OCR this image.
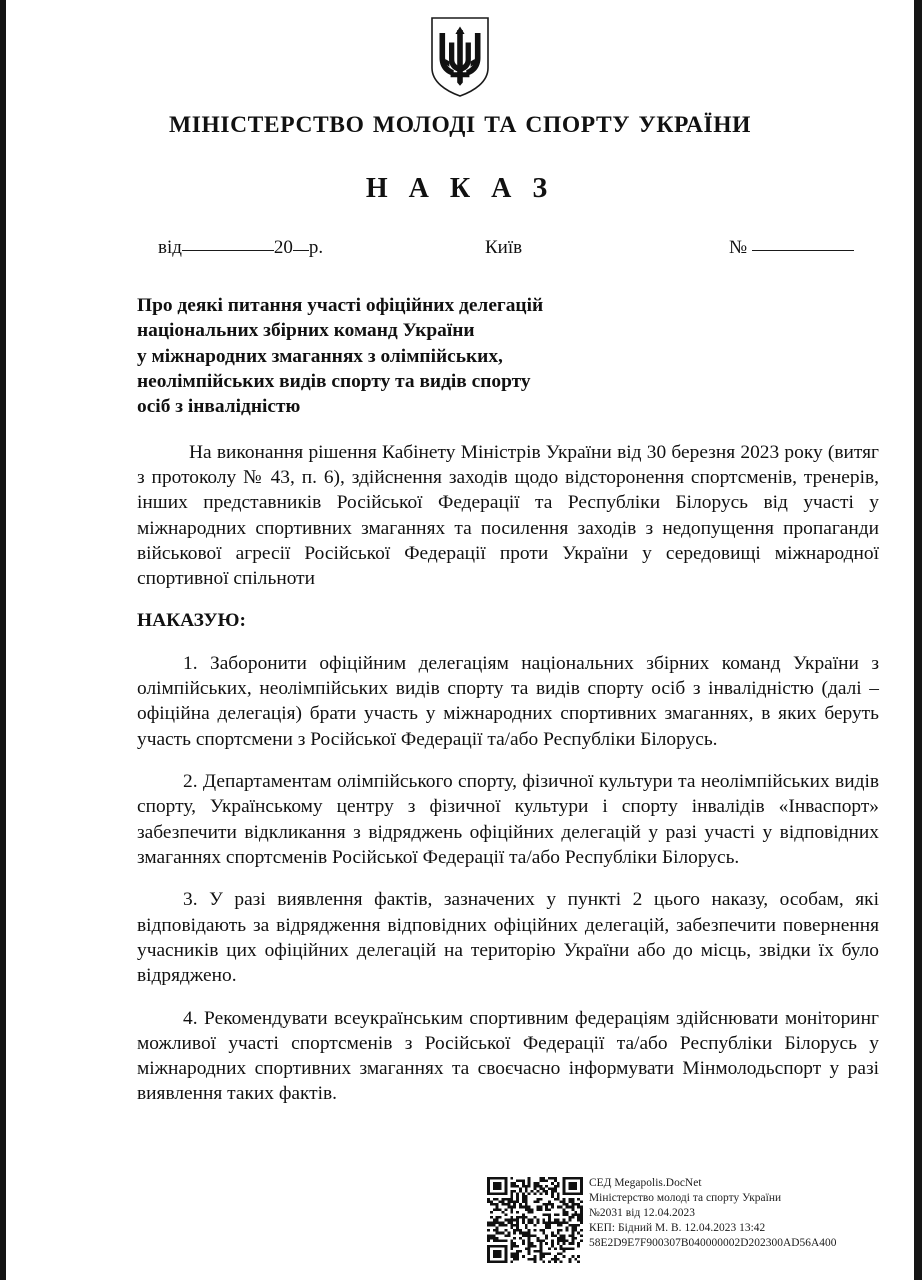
МІНІСТЕРСТВО МОЛОДІ ТА СПОРТУ УКРАЇНИ
Н А К А З
від	20 р.	Київ	№
Про деякі питання участі офіційних делегацій
національних збірних команд України
у міжнародних змаганнях з олімпійських,
неолімпійських видів спорту та видів спорту
осіб з інвалідністю

На виконання рішення Кабінету Міністрів України від 30 березня 2023 року (витяг з протоколу № 43, п. 6), здійснення заходів щодо відсторонення спортсменів, тренерів, інших представників Російської Федерації та Республіки Білорусь від участі у міжнародних спортивних змаганнях та посилення заходів з недопущення пропаганди військової агресії Російської Федерації проти України у середовищі міжнародної спортивної спільноти

НАКАЗУЮ:

1. Заборонити офіційним делегаціям національних збірних команд України з олімпійських, неолімпійських видів спорту та видів спорту осіб з інвалідністю (далі – офіційна делегація) брати участь у міжнародних спортивних змаганнях, в яких беруть участь спортсмени з Російської Федерації та/або Республіки Білорусь.

2. Департаментам олімпійського спорту, фізичної культури та неолімпійських видів спорту, Українському центру з фізичної культури і спорту інвалідів «Інваспорт» забезпечити відкликання з відряджень офіційних делегацій у разі участі у відповідних змаганнях спортсменів Російської Федерації та/або Республіки Білорусь.

3. У разі виявлення фактів, зазначених у пункті 2 цього наказу, особам, які відповідають за відрядження відповідних офіційних делегацій, забезпечити повернення учасників цих офіційних делегацій на територію України або до місць, звідки їх було відряджено.

4. Рекомендувати всеукраїнським спортивним федераціям здійснювати моніторинг можливої участі спортсменів з Російської Федерації та/або Республіки Білорусь у міжнародних спортивних змаганнях та своєчасно інформувати Мінмолодьспорт у разі виявлення таких фактів.

СЕД Megapolis.DocNet
Міністерство молоді та спорту України
№2031 від 12.04.2023
КЕП: Бідний М. В. 12.04.2023 13:42
58E2D9E7F900307B040000002D202300AD56A400
